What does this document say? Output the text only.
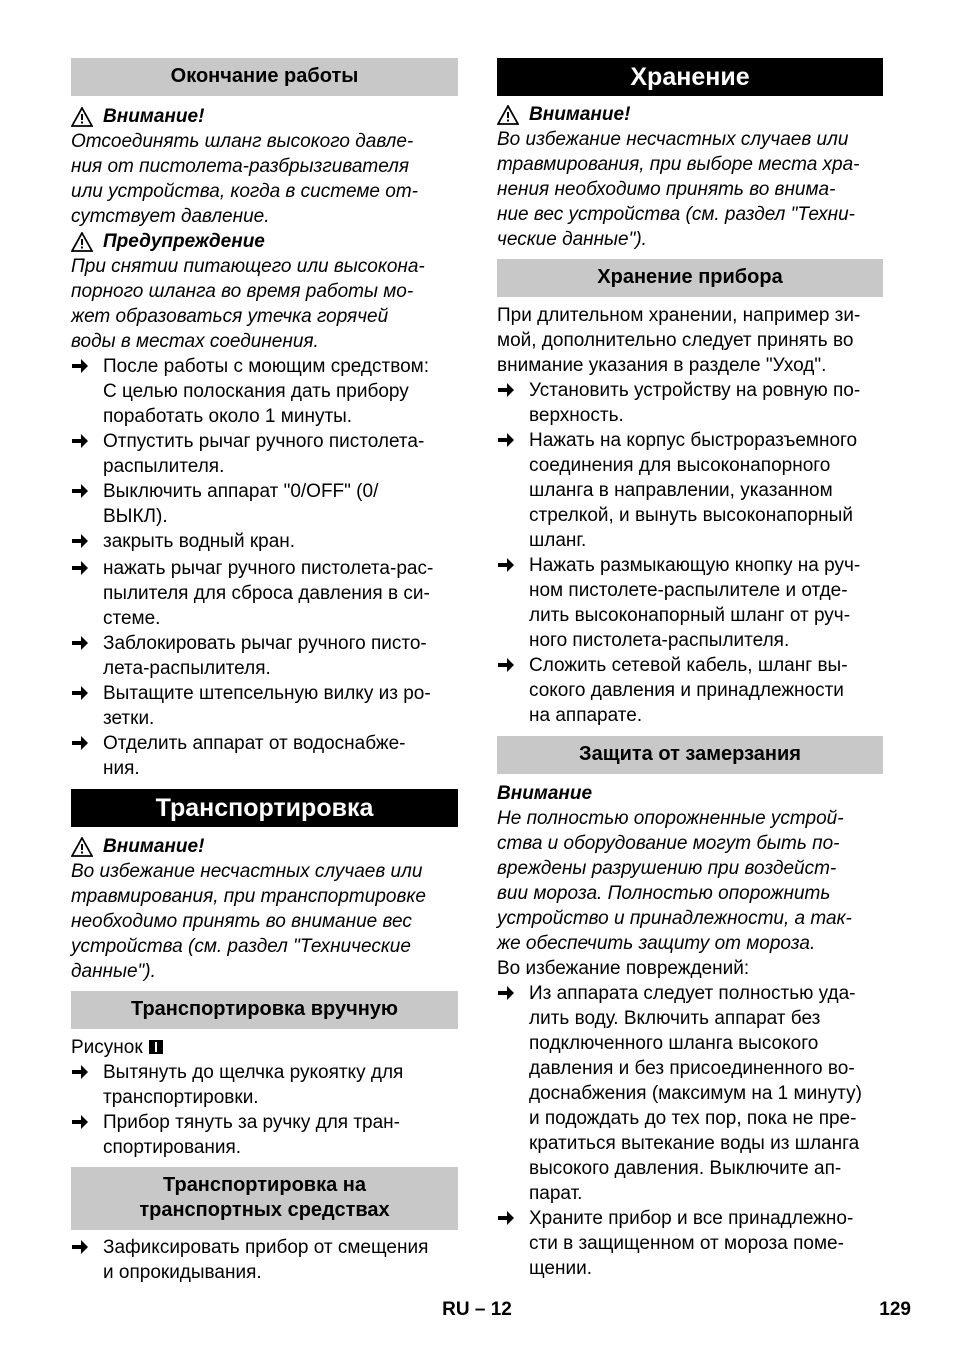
Окончание работы
Внимание!
Отсоединять шланг высокого давле-
ния от пистолета-разбрызгивателя
или устройства, когда в системе от-
сутствует давление.
Предупреждение
При снятии питающего или высокона-
порного шланга во время работы мо-
жет образоваться утечка горячей
воды в местах соединения.
После работы с моющим средством:
С целью полоскания дать прибору
поработать около 1 минуты.
Отпустить рычаг ручного пистолета-
распылителя.
Выключить аппарат "0/OFF" (0/
ВЫКЛ).
закрыть водный кран.
нажать рычаг ручного пистолета-рас-
пылителя для сброса давления в си-
стеме.
Заблокировать рычаг ручного писто-
лета-распылителя.
Вытащите штепсельную вилку из ро-
зетки.
Отделить аппарат от водоснабже-
ния.
Транспортировка
Внимание!
Во избежание несчастных случаев или
травмирования, при транспортировке
необходимо принять во внимание вес
устройства (см. раздел "Технические
данные").
Транспортировка вручную
Рисунок
Вытянуть до щелчка рукоятку для
транспортировки.
Прибор тянуть за ручку для тран-
спортирования.
Транспортировка на
транспортных средствах
Зафиксировать прибор от смещения
и опрокидывания.
Хранение
Внимание!
Во избежание несчастных случаев или
травмирования, при выборе места хра-
нения необходимо принять во внима-
ние вес устройства (см. раздел "Техни-
ческие данные").
Хранение прибора
При длительном хранении, например зи-
мой, дополнительно следует принять во
внимание указания в разделе "Уход".
Установить устройству на ровную по-
верхность.
Нажать на корпус быстроразъемного
соединения для высоконапорного
шланга в направлении, указанном
стрелкой, и вынуть высоконапорный
шланг.
Нажать размыкающую кнопку на руч-
ном пистолете-распылителе и отде-
лить высоконапорный шланг от руч-
ного пистолета-распылителя.
Сложить сетевой кабель, шланг вы-
сокого давления и принадлежности
на аппарате.
Защита от замерзания
Внимание
Не полностью опорожненные устрой-
ства и оборудование могут быть по-
вреждены разрушению при воздейст-
вии мороза. Полностью опорожнить
устройство и принадлежности, а так-
же обеспечить защиту от мороза.
Во избежание повреждений:
Из аппарата следует полностью уда-
лить воду. Включить аппарат без
подключенного шланга высокого
давления и без присоединенного во-
доснабжения (максимум на 1 минуту)
и подождать до тех пор, пока не пре-
кратиться вытекание воды из шланга
высокого давления. Выключите ап-
парат.
Храните прибор и все принадлежно-
сти в защищенном от мороза поме-
щении.
RU – 12	129
